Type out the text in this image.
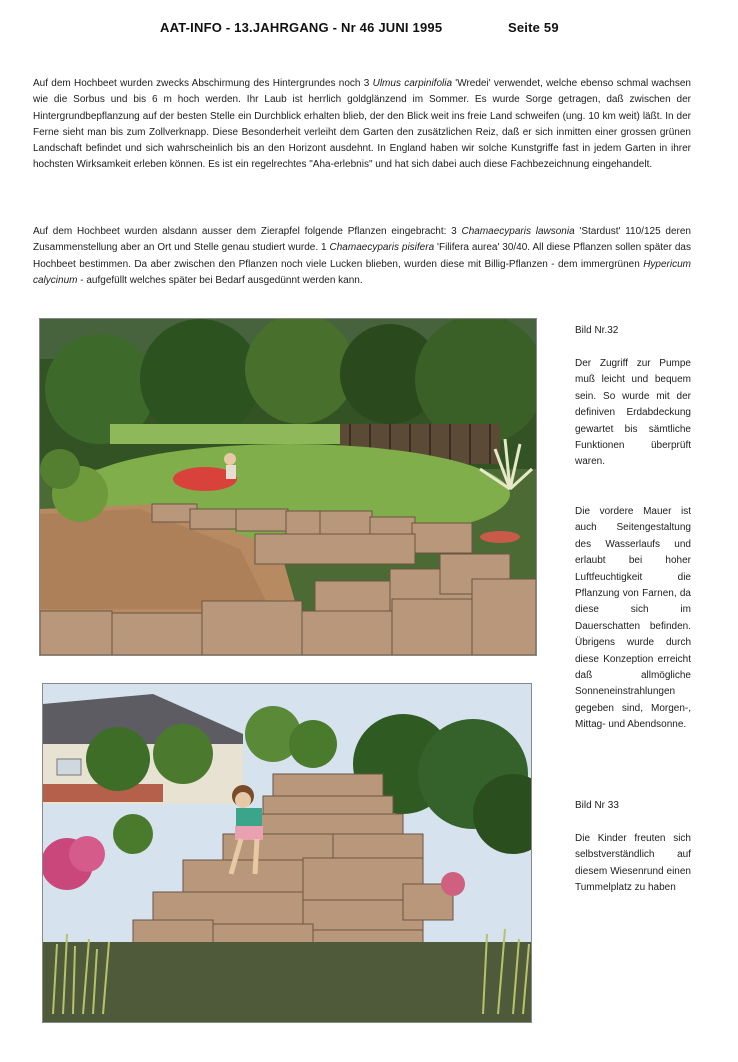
AAT-INFO - 13.JAHRGANG - Nr 46 JUNI 1995	Seite 59
Auf dem Hochbeet wurden zwecks Abschirmung des Hintergrundes noch 3 Ulmus carpinifolia 'Wredei' verwendet, welche ebenso schmal wachsen wie die Sorbus und bis 6 m hoch werden. Ihr Laub ist herrlich goldglänzend im Sommer. Es wurde Sorge getragen, daß zwischen der Hintergrundbepflanzung auf der besten Stelle ein Durchblick erhalten blieb, der den Blick weit ins freie Land schweifen (ung. 10 km weit) läßt. In der Ferne sieht man bis zum Zollverknapp. Diese Besonderheit verleiht dem Garten den zusätzlichen Reiz, daß er sich inmitten einer grossen grünen Landschaft befindet und sich wahrscheinlich bis an den Horizont ausdehnt. In England haben wir solche Kunstgriffe fast in jedem Garten in ihrer hochsten Wirksamkeit erleben können. Es ist ein regelrechtes "Aha-erlebnis" und hat sich dabei auch diese Fachbezeichnung eingehandelt.
Auf dem Hochbeet wurden alsdann ausser dem Zierapfel folgende Pflanzen eingebracht: 3 Chamaecyparis lawsonia 'Stardust' 110/125 deren Zusammenstellung aber an Ort und Stelle genau studiert wurde. 1 Chamaecyparis pisifera 'Filifera aurea' 30/40. All diese Pflanzen sollen später das Hochbeet bestimmen. Da aber zwischen den Pflanzen noch viele Lucken blieben, wurden diese mit Billig-Pflanzen - dem immergrünen Hypericum calycinum - aufgefüllt welches später bei Bedarf ausgedünnt werden kann.
Bild Nr.32

Der Zugriff zur Pumpe muß leicht und bequem sein. So wurde mit der definiven Erdabdeckung gewartet bis sämtliche Funktionen überprüft waren.

Die vordere Mauer ist auch Seitengestaltung des Wasserlaufs und erlaubt bei hoher Luftfeuchtigkeit die Pflanzung von Farnen, da diese sich im Dauerschatten befinden. Übrigens wurde durch diese Konzeption erreicht daß allmögliche Sonneneinstrahlungen gegeben sind, Morgen-, Mittag- und Abendsonne.

Bild Nr 33

Die Kinder freuten sich selbstverständlich auf diesem Wiesenrund einen Tummelplatz zu haben
